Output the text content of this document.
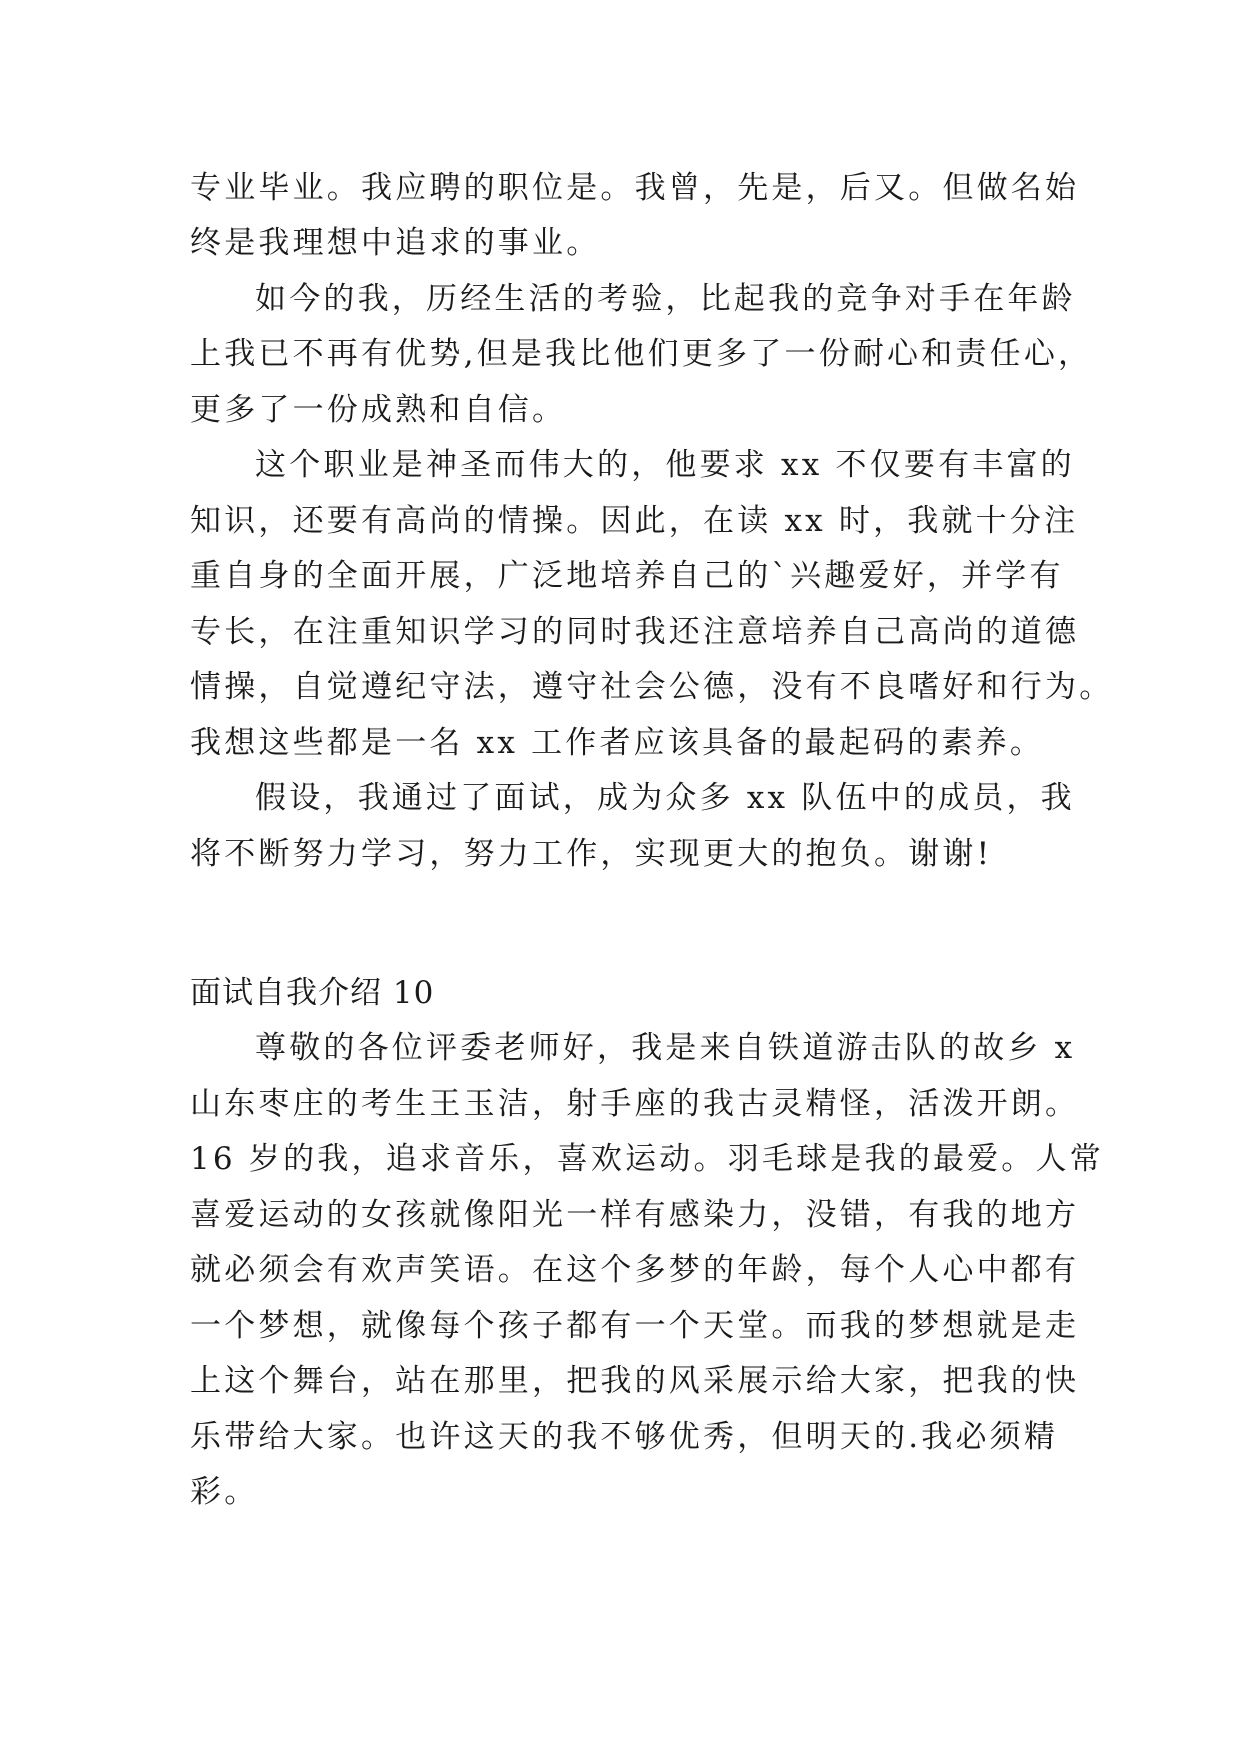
专业毕业。我应聘的职位是。我曾，先是，后又。但做名始
终是我理想中追求的事业。
如今的我，历经生活的考验，比起我的竞争对手在年龄
上我已不再有优势,但是我比他们更多了一份耐心和责任心，
更多了一份成熟和自信。
这个职业是神圣而伟大的，他要求 xx 不仅要有丰富的
知识，还要有高尚的情操。因此，在读 xx 时，我就十分注
重自身的全面开展，广泛地培养自己的`兴趣爱好，并学有
专长，在注重知识学习的同时我还注意培养自己高尚的道德
情操，自觉遵纪守法，遵守社会公德，没有不良嗜好和行为。
我想这些都是一名 xx 工作者应该具备的最起码的素养。
假设，我通过了面试，成为众多 xx 队伍中的成员，我
将不断努力学习，努力工作，实现更大的抱负。谢谢!
面试自我介绍 10
尊敬的各位评委老师好，我是来自铁道游击队的故乡 x
山东枣庄的考生王玉洁，射手座的我古灵精怪，活泼开朗。
16 岁的我，追求音乐，喜欢运动。羽毛球是我的最爱。人常
喜爱运动的女孩就像阳光一样有感染力，没错，有我的地方
就必须会有欢声笑语。在这个多梦的年龄，每个人心中都有
一个梦想，就像每个孩子都有一个天堂。而我的梦想就是走
上这个舞台，站在那里，把我的风采展示给大家，把我的快
乐带给大家。也许这天的我不够优秀，但明天的.我必须精
彩。
